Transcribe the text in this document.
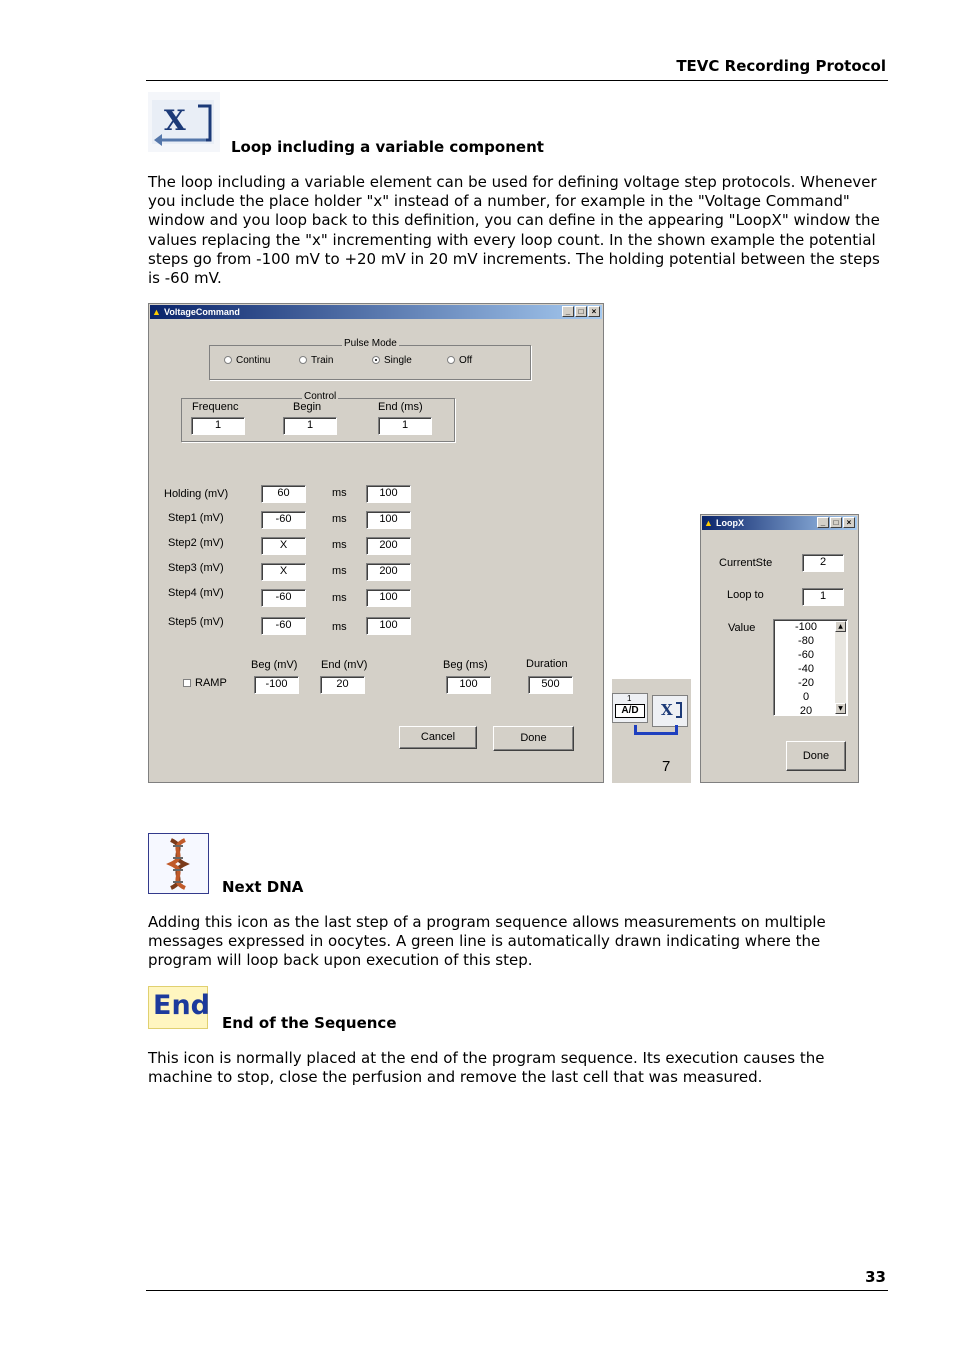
TEVC Recording Protocol
X
Loop including a variable component
The loop including a variable element can be used for defining voltage step protocols. Whenever you include the place holder "x" instead of a number, for example in the "Voltage Command" window and you loop back to this definition, you can define in the appearing "LoopX" window the values replacing the "x" incrementing with every loop count. In the shown example the potential steps go from -100 mV to +20 mV in 20 mV increments. The holding potential between the steps is -60 mV.
▲ VoltageCommand	_	□	×
Pulse Mode
Continu	Train	Single	Off
Control
Frequenc	Begin	End (ms)
1	1	1
Holding (mV)	60	ms	100
Step1 (mV)	-60	ms	100
Step2 (mV)	X	ms	200
Step3 (mV)	X	ms	200
Step4 (mV)	-60	ms	100
Step5 (mV)	-60	ms	100
Beg (mV) End (mV)	Beg (ms)	Duration
RAMP	-100	20	100	500
Cancel	Done
1
A/D	X
7
▲ LoopX	_	□	×
CurrentSte	2
Loop to	1
Value	-100
-80
-60
-40
-20
0
20
▲
▼
Done
Next DNA
Adding this icon as the last step of a program sequence allows measurements on multiple messages expressed in oocytes. A green line is automatically drawn indicating where the program will loop back upon execution of this step.
End
End of the Sequence
This icon is normally placed at the end of the program sequence. Its execution causes the machine to stop, close the perfusion and remove the last cell that was measured.
33
